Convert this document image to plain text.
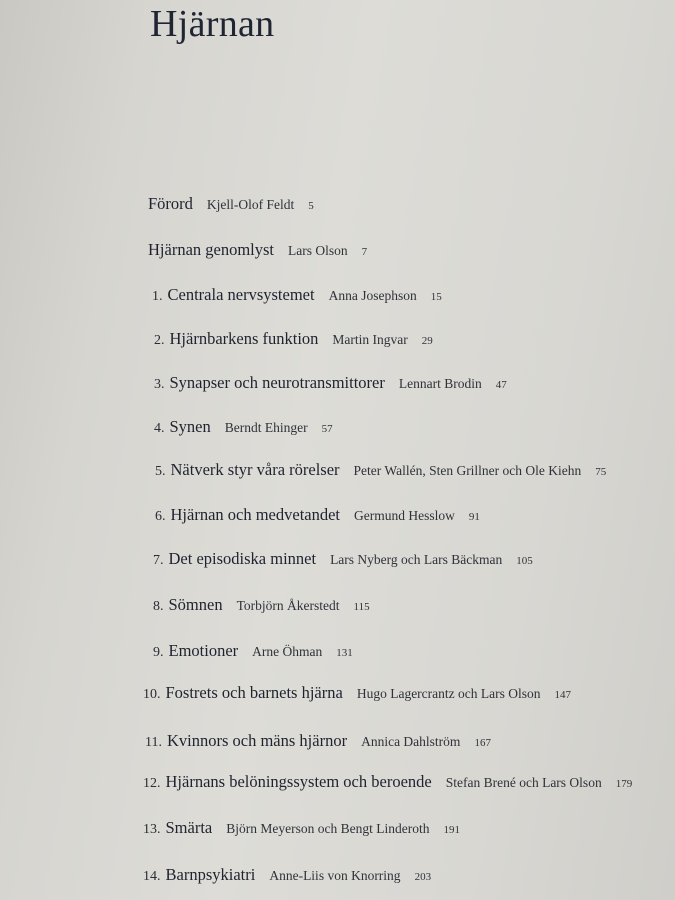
Hjärnan
Förord Kjell-Olof Feldt 5
Hjärnan genomlyst Lars Olson 7
1. Centrala nervsystemet Anna Josephson 15
2. Hjärnbarkens funktion Martin Ingvar 29
3. Synapser och neurotransmittorer Lennart Brodin 47
4. Synen Berndt Ehinger 57
5. Nätverk styr våra rörelser Peter Wallén, Sten Grillner och Ole Kiehn 75
6. Hjärnan och medvetandet Germund Hesslow 91
7. Det episodiska minnet Lars Nyberg och Lars Bäckman 105
8. Sömnen Torbjörn Åkerstedt 115
9. Emotioner Arne Öhman 131
10. Fostrets och barnets hjärna Hugo Lagercrantz och Lars Olson 147
11. Kvinnors och mäns hjärnor Annica Dahlström 167
12. Hjärnans belöningssystem och beroende Stefan Brené och Lars Olson 179
13. Smärta Björn Meyerson och Bengt Linderoth 191
14. Barnpsykiatri Anne-Liis von Knorring 203
